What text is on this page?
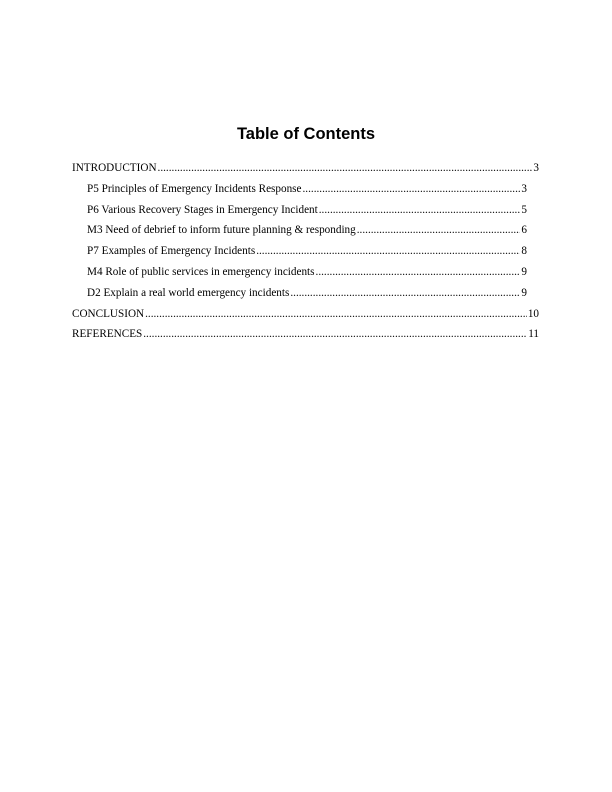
Table of Contents
INTRODUCTION .....	3
P5 Principles of Emergency Incidents Response .....	3
P6 Various Recovery Stages in Emergency Incident .....	5
M3 Need of debrief to inform future planning & responding .....	6
P7 Examples of Emergency Incidents .....	8
M4 Role of public services in emergency incidents .....	9
D2 Explain a real world emergency incidents .....	9
CONCLUSION .....	10
REFERENCES .....	11
